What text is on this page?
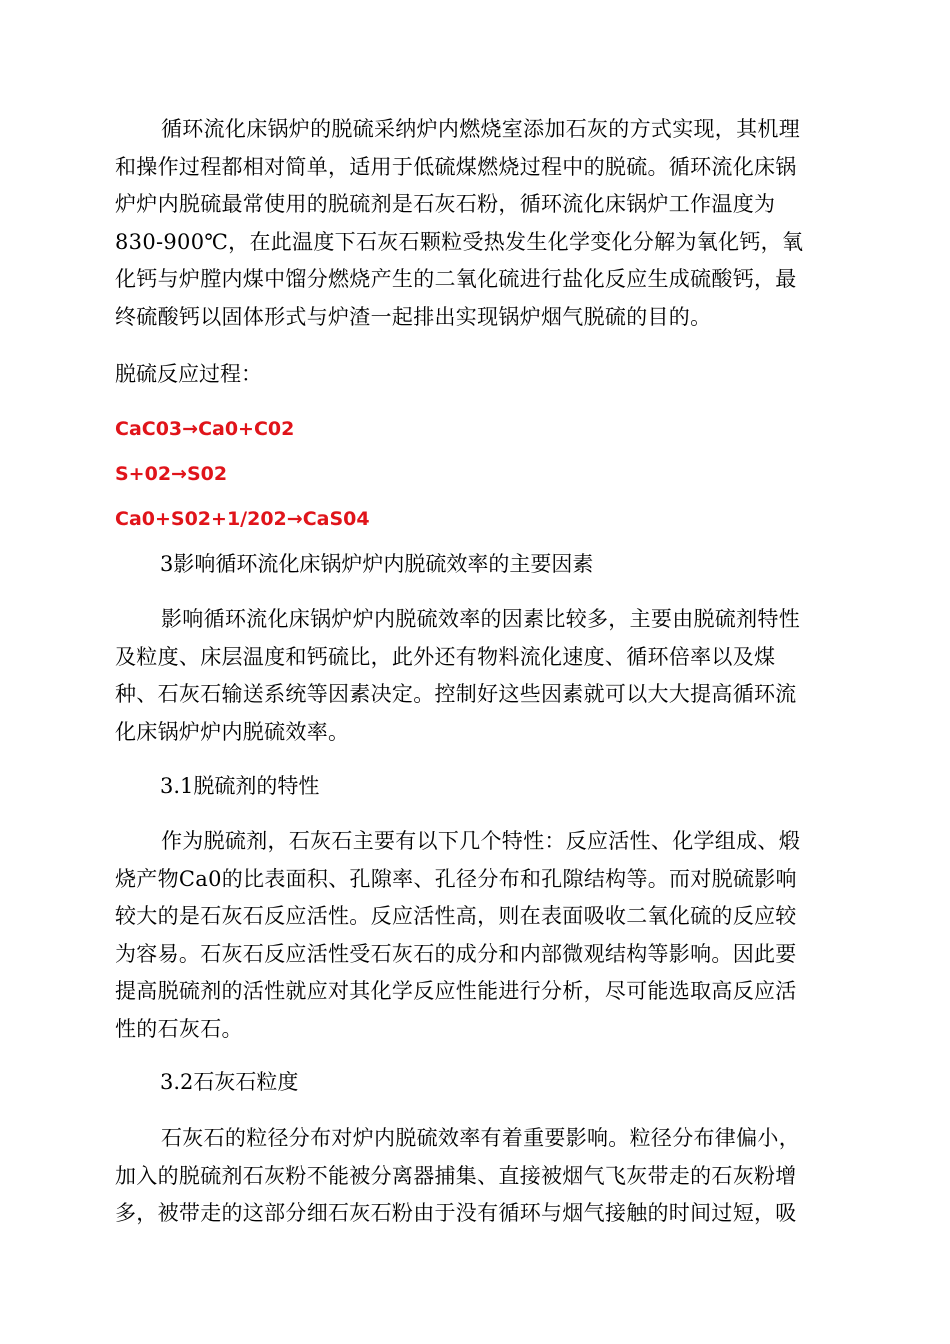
循环流化床锅炉的脱硫采纳炉内燃烧室添加石灰的方式实现，其机理
和操作过程都相对简单，适用于低硫煤燃烧过程中的脱硫。循环流化床锅
炉炉内脱硫最常使用的脱硫剂是石灰石粉，循环流化床锅炉工作温度为
830-900℃，在此温度下石灰石颗粒受热发生化学变化分解为氧化钙，氧
化钙与炉膛内煤中馏分燃烧产生的二氧化硫进行盐化反应生成硫酸钙，最
终硫酸钙以固体形式与炉渣一起排出实现锅炉烟气脱硫的目的。
脱硫反应过程：
CaC03→Ca0+C02
S+02→S02
Ca0+S02+1/202→CaS04
3影响循环流化床锅炉炉内脱硫效率的主要因素
影响循环流化床锅炉炉内脱硫效率的因素比较多，主要由脱硫剂特性
及粒度、床层温度和钙硫比，此外还有物料流化速度、循环倍率以及煤
种、石灰石输送系统等因素决定。控制好这些因素就可以大大提高循环流
化床锅炉炉内脱硫效率。
3.1脱硫剂的特性
作为脱硫剂，石灰石主要有以下几个特性：反应活性、化学组成、煅
烧产物Ca0的比表面积、孔隙率、孔径分布和孔隙结构等。而对脱硫影响
较大的是石灰石反应活性。反应活性高，则在表面吸收二氧化硫的反应较
为容易。石灰石反应活性受石灰石的成分和内部微观结构等影响。因此要
提高脱硫剂的活性就应对其化学反应性能进行分析，尽可能选取高反应活
性的石灰石。
3.2石灰石粒度
石灰石的粒径分布对炉内脱硫效率有着重要影响。粒径分布律偏小，
加入的脱硫剂石灰粉不能被分离器捕集、直接被烟气飞灰带走的石灰粉增
多，被带走的这部分细石灰石粉由于没有循环与烟气接触的时间过短，吸
